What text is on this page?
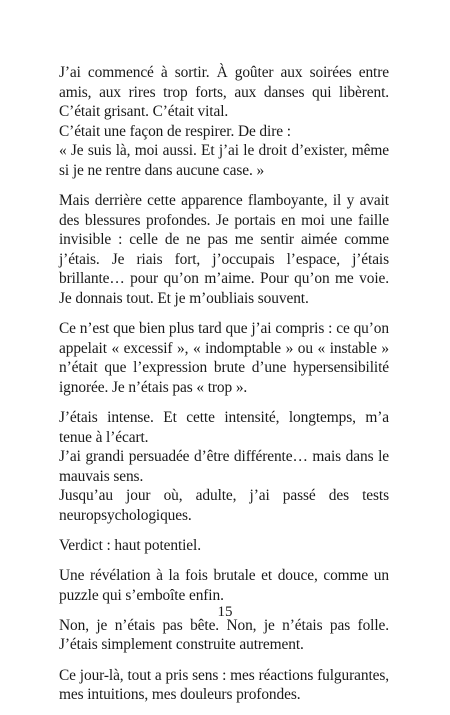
J’ai commencé à sortir. À goûter aux soirées entre amis, aux rires trop forts, aux danses qui libèrent. C’était grisant. C’était vital.
C’était une façon de respirer. De dire :
« Je suis là, moi aussi. Et j’ai le droit d’exister, même si je ne rentre dans aucune case. »

Mais derrière cette apparence flamboyante, il y avait des blessures profondes. Je portais en moi une faille invisible : celle de ne pas me sentir aimée comme j’étais. Je riais fort, j’occupais l’espace, j’étais brillante… pour qu’on m’aime. Pour qu’on me voie. Je donnais tout. Et je m’oubliais souvent.

Ce n’est que bien plus tard que j’ai compris : ce qu’on appelait « excessif », « indomptable » ou « instable » n’était que l’expression brute d’une hypersensibilité ignorée. Je n’étais pas « trop ».

J’étais intense. Et cette intensité, longtemps, m’a tenue à l’écart.
J’ai grandi persuadée d’être différente… mais dans le mauvais sens.
Jusqu’au jour où, adulte, j’ai passé des tests neuropsychologiques.

Verdict : haut potentiel.

Une révélation à la fois brutale et douce, comme un puzzle qui s’emboîte enfin.

Non, je n’étais pas bête. Non, je n’étais pas folle. J’étais simplement construite autrement.

Ce jour-là, tout a pris sens : mes réactions fulgurantes, mes intuitions, mes douleurs profondes.

15
